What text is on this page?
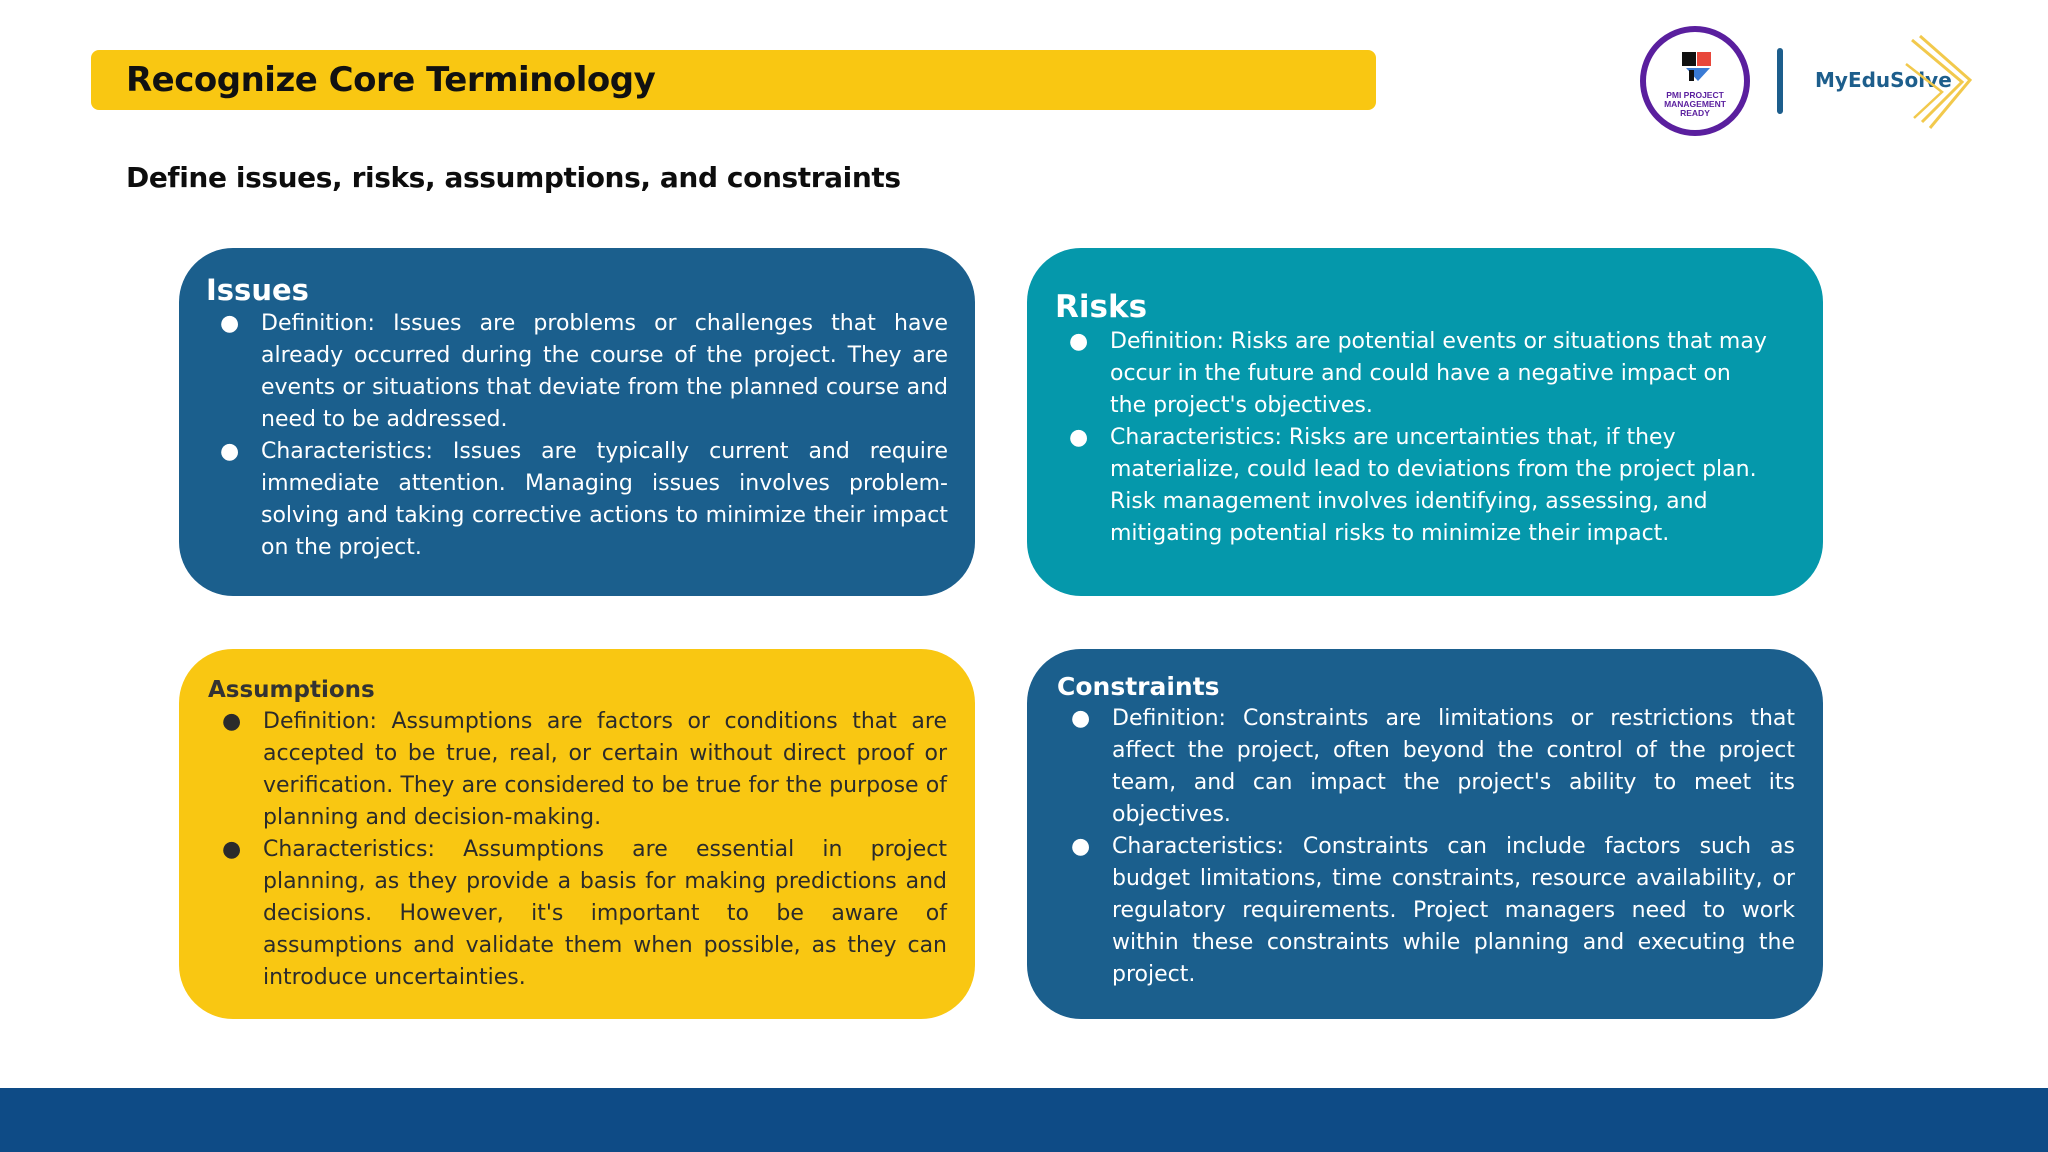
Recognize Core Terminology
Define issues, risks, assumptions, and constraints
PMI PROJECT
MANAGEMENT
READY
MyEduSolve
Issues
● Definition: Issues are problems or challenges that have already occurred during the course of the project. They are events or situations that deviate from the planned course and need to be addressed.
● Characteristics: Issues are typically current and require immediate attention. Managing issues involves problem-solving and taking corrective actions to minimize their impact on the project.
Risks
● Definition: Risks are potential events or situations that may occur in the future and could have a negative impact on the project's objectives.
● Characteristics: Risks are uncertainties that, if they materialize, could lead to deviations from the project plan. Risk management involves identifying, assessing, and mitigating potential risks to minimize their impact.
Assumptions
● Definition: Assumptions are factors or conditions that are accepted to be true, real, or certain without direct proof or verification. They are considered to be true for the purpose of planning and decision-making.
● Characteristics: Assumptions are essential in project planning, as they provide a basis for making predictions and decisions. However, it's important to be aware of assumptions and validate them when possible, as they can introduce uncertainties.
Constraints
● Definition: Constraints are limitations or restrictions that affect the project, often beyond the control of the project team, and can impact the project's ability to meet its objectives.
● Characteristics: Constraints can include factors such as budget limitations, time constraints, resource availability, or regulatory requirements. Project managers need to work within these constraints while planning and executing the project.
